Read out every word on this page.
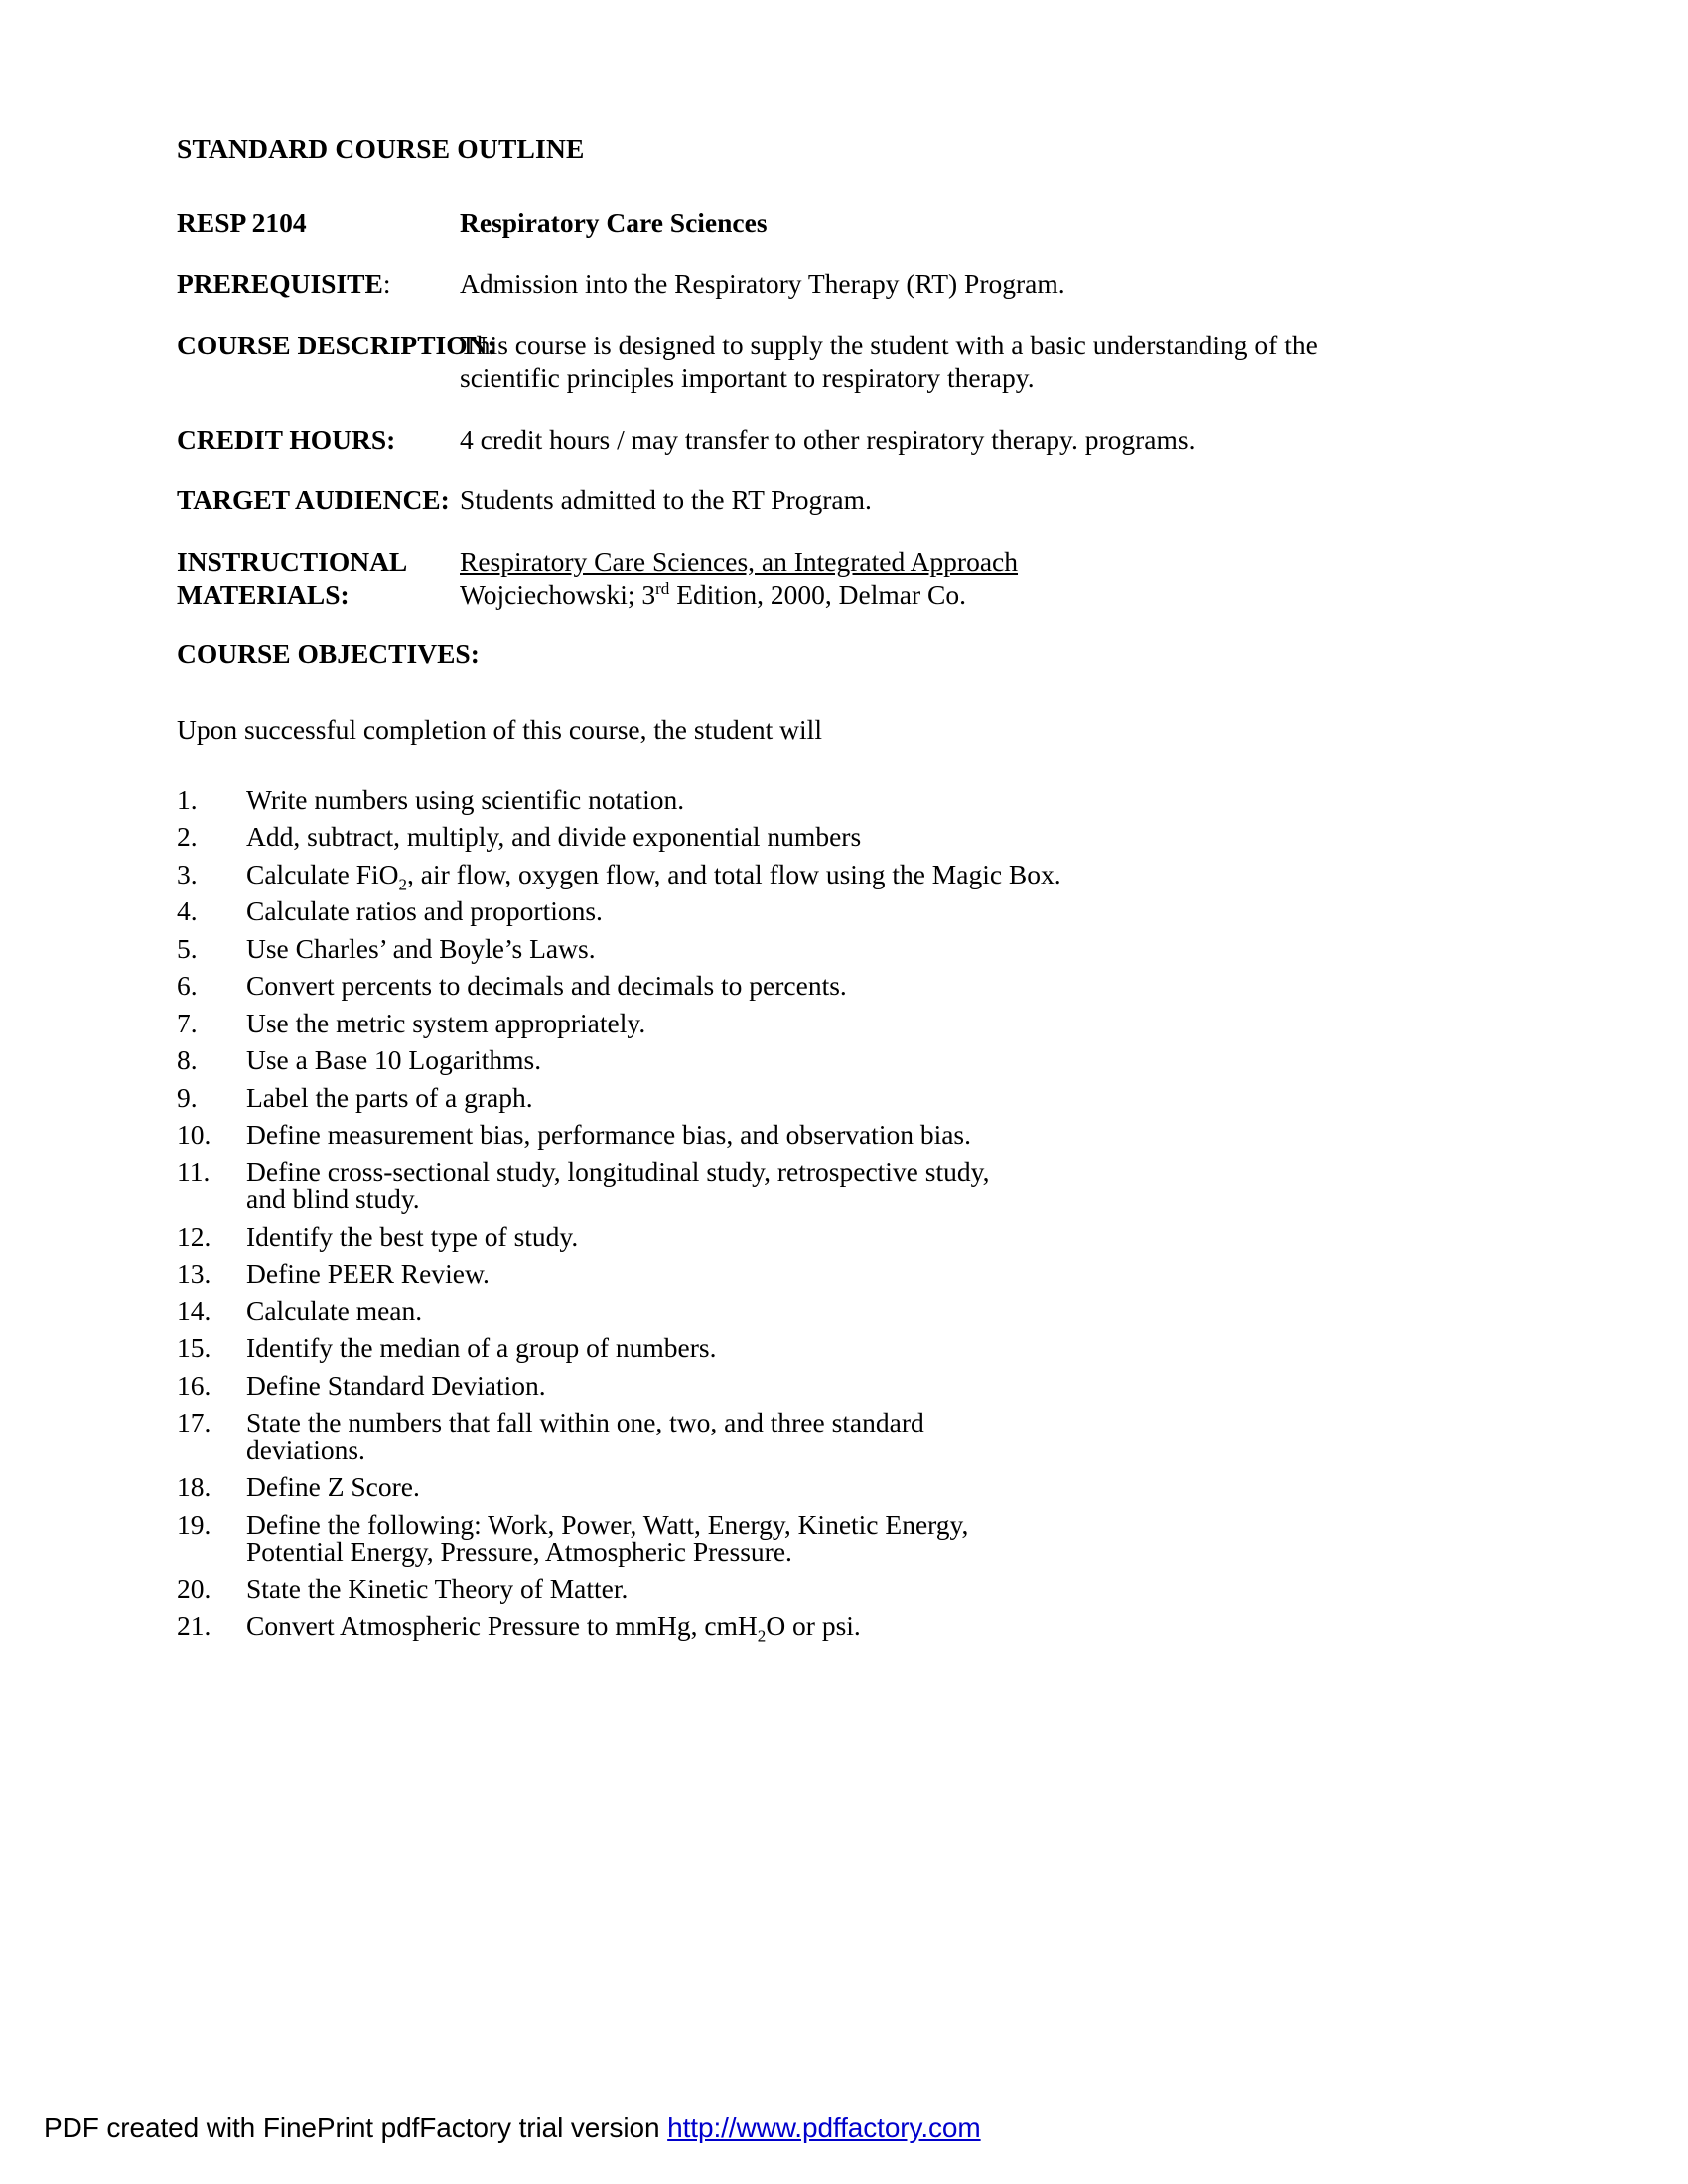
STANDARD COURSE OUTLINE
RESP 2104	Respiratory Care Sciences
PREREQUISITE:	Admission into the Respiratory Therapy (RT) Program.
COURSE DESCRIPTION:
This course is designed to supply the student with a basic understanding of the scientific principles important to respiratory therapy.
CREDIT HOURS: 4 credit hours / may transfer to other respiratory therapy. programs.
TARGET AUDIENCE: Students admitted to the RT Program.
INSTRUCTIONAL
MATERIALS:
Respiratory Care Sciences, an Integrated Approach
Wojciechowski; 3rd Edition, 2000, Delmar Co.
COURSE OBJECTIVES:
Upon successful completion of this course, the student will
1.	Write numbers using scientific notation.
2.	Add, subtract, multiply, and divide exponential numbers
3.	Calculate FiO$_2$, air flow, oxygen flow, and total flow using the Magic Box.
4.	Calculate ratios and proportions.
5.	Use Charles’ and Boyle’s Laws.
6.	Convert percents to decimals and decimals to percents.
7.	Use the metric system appropriately.
8.	Use a Base 10 Logarithms.
9.	Label the parts of a graph.
10.	Define measurement bias, performance bias, and observation bias.
11.	Define cross-sectional study, longitudinal study, retrospective study,
and blind study.
12.	Identify the best type of study.
13.	Define PEER Review.
14.	Calculate mean.
15.	Identify the median of a group of numbers.
16.	Define Standard Deviation.
17.	State the numbers that fall within one, two, and three standard
deviations.
18.	Define Z Score.
19.	Define the following: Work, Power, Watt, Energy, Kinetic Energy,
Potential Energy, Pressure, Atmospheric Pressure.
20.	State the Kinetic Theory of Matter.
21.	Convert Atmospheric Pressure to mmHg, cmH$_2$O or psi.
PDF created with FinePrint pdfFactory trial version http://www.pdffactory.com
